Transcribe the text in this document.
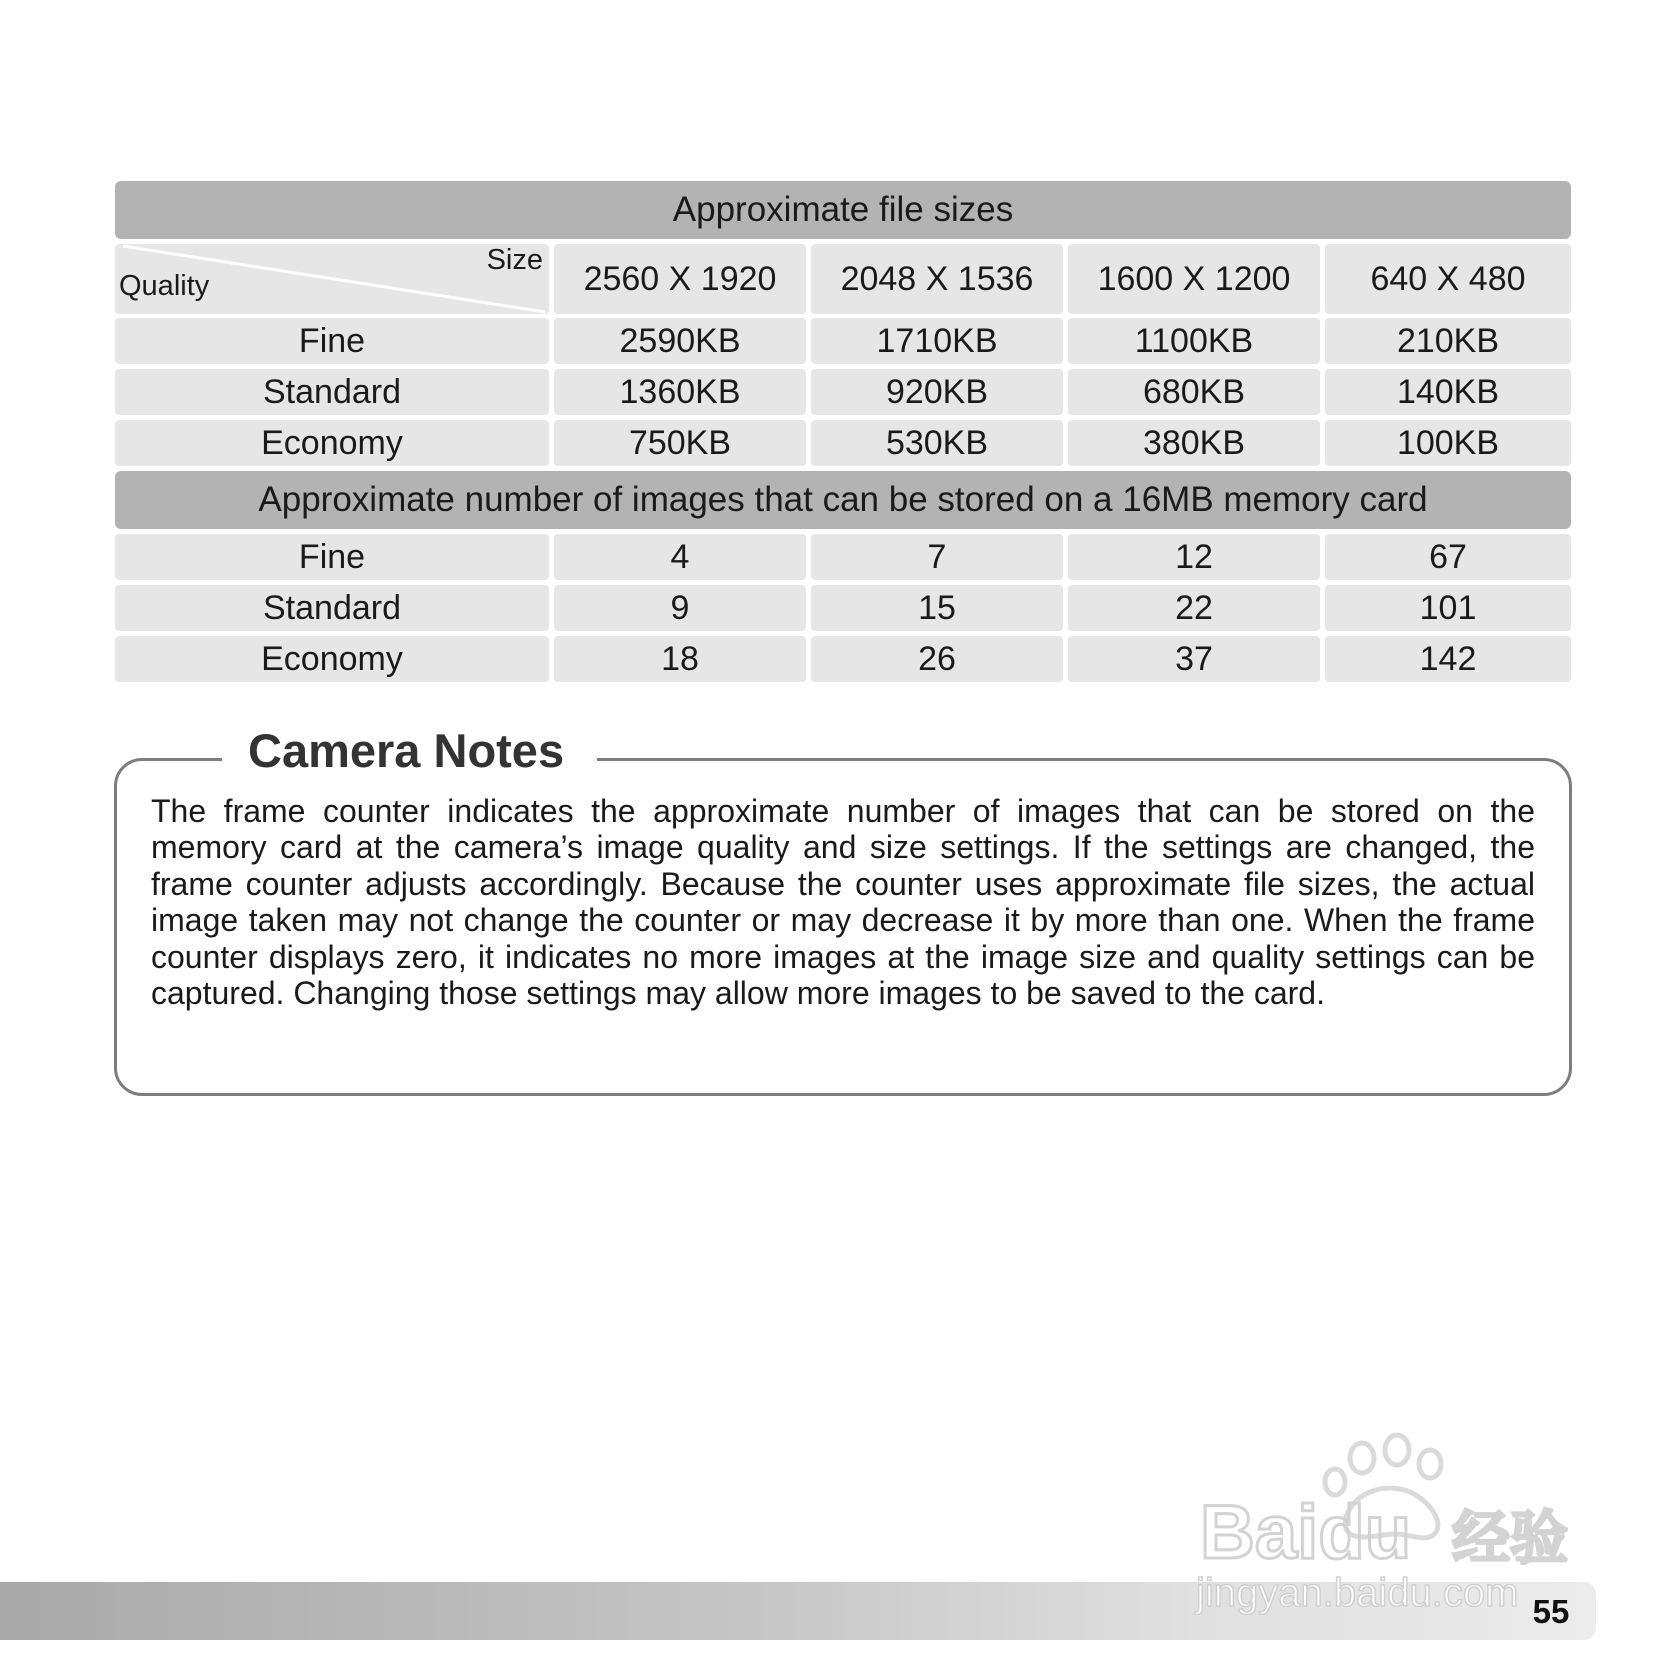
Approximate file sizes
Size
Quality	2560 X 1920	2048 X 1536	1600 X 1200	640 X 480
Fine	2590KB	1710KB	1100KB	210KB
Standard	1360KB	920KB	680KB	140KB
Economy	750KB	530KB	380KB	100KB
Approximate number of images that can be stored on a 16MB memory card
Fine	4	7	12	67
Standard	9	15	22	101
Economy	18	26	37	142
Camera Notes
The frame counter indicates the approximate number of images that can be stored on the memory card at the camera’s image quality and size settings. If the settings are changed, the frame counter adjusts accordingly. Because the counter uses approximate file sizes, the actual image taken may not change the counter or may decrease it by more than one. When the frame counter displays zero, it indicates no more images at the image size and quality settings can be captured. Changing those settings may allow more images to be saved to the card.
Baidu 经验
jingyan.baidu.com 55
